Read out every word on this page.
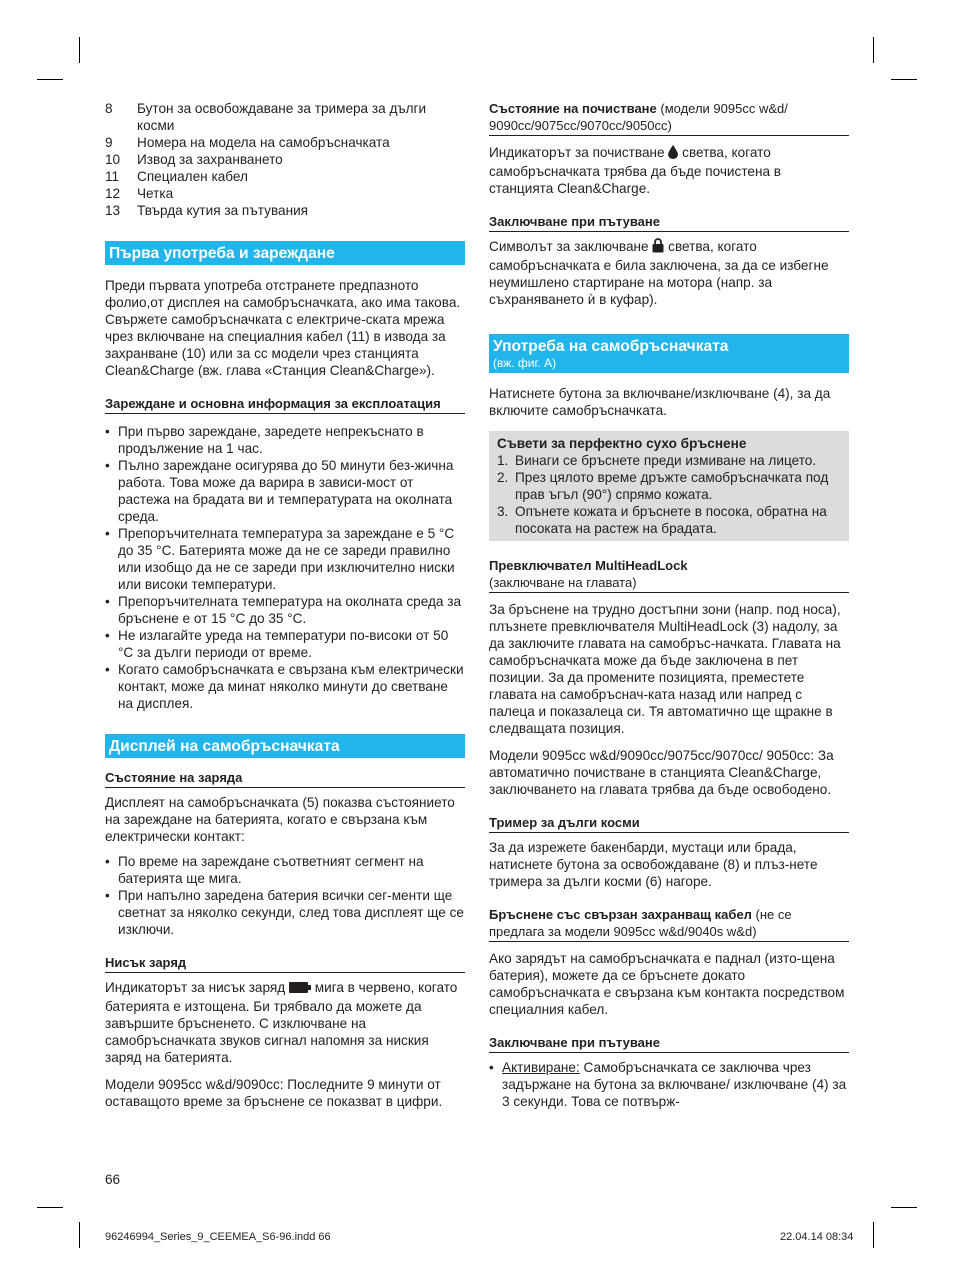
8	Бутон за освобождаване за тримера за дълги косми
9	Номера на модела на самобръсначката
10	Извод за захранването
11	Специален кабел
12	Четка
13	Твърда кутия за пътувания
Първа употреба и зареждане

Преди първата употреба отстранете предпазното фолио,от дисплея на самобръсначката, ако има такова. Свържете самобръсначката с електриче-ската мрежа чрез включване на специалния кабел (11) в извода за захранване (10) или за cc модели чрез станцията Clean&Charge (вж. глава «Станция Clean&Charge»).

Зареждане и основна информация за експлоатация
• При първо зареждане, заредете непрекъснато в продължение на 1 час.
• Пълно зареждане осигурява до 50 минути без-жична работа. Това може да варира в зависи-мост от растежа на брадата ви и температурата на околната среда.
• Препоръчителната температура за зареждане е 5 °C до 35 °C. Батерията може да не се зареди правилно или изобщо да не се зареди при изключително ниски или високи температури.
• Препоръчителната температура на околната среда за бръснене е от 15 °C до 35 °C.
• Не излагайте уреда на температури по-високи от 50 °C за дълги периоди от време.
• Когато самобръсначката е свързана към електрически контакт, може да минат няколко минути до светване на дисплея.
Дисплей на самобръсначката
Състояние на заряда

Дисплеят на самобръсначката (5) показва състоянието на зареждане на батерията, когато е свързана към електрически контакт:

• По време на зареждане съответният сегмент на батерията ще мига.
• При напълно заредена батерия всички сег-менти ще светнат за няколко секунди, след това дисплеят ще се изключи.
Нисък заряд

Индикаторът за нисък заряд мига в червено, когато батерията е изтощена. Би трябвало да можете да завършите бръсненето. С изключване на самобръсначката звуков сигнал напомня за ниския заряд на батерията.

Модели 9095cc w&d/9090cc: Последните 9 минути от оставащото време за бръснене се показват в цифри.

Състояние на почистване (модели 9095cc w&d/ 9090cc/9075cc/9070cc/9050cc)

Индикаторът за почистване светва, когато самобръсначката трябва да бъде почистена в станцията Clean&Charge.

Заключване при пътуване

Символът за заключване светва, когато самобръсначката е била заключена, за да се избегне неумишлено стартиране на мотора (напр. за съхраняването ѝ в куфар).

Употреба на самобръсначката
(вж. фиг. A)

Натиснете бутона за включване/изключване (4), за да включите самобръсначката.

Съвети за перфектно сухо бръснене
1. Винаги се бръснете преди измиване на лицето.
2. През цялото време дръжте самобръсначката под прав ъгъл (90°) спрямо кожата.
3. Опънете кожата и бръснете в посока, обратна на посоката на растеж на брадата.
Превключвател MultiHeadLock
(заключване на главата)

За бръснене на трудно достъпни зони (напр. под носа), плъзнете превключвателя MultiHeadLock (3) надолу, за да заключите главата на самобръс-начката. Главата на самобръсначката може да бъде заключена в пет позиции. За да промените позицията, преместете главата на самобръснач-ката назад или напред с палеца и показалеца си. Тя автоматично ще щракне в следващата позиция.

Модели 9095cc w&d/9090cc/9075cc/9070cc/ 9050cc: За автоматично почистване в станцията Clean&Charge, заключването на главата трябва да бъде освободено.

Тример за дълги косми

За да изрежете бакенбарди, мустаци или брада, натиснете бутона за освобождаване (8) и плъз-нете тримера за дълги косми (6) нагоре.

Бръснене със свързан захранващ кабел (не се предлага за модели 9095cc w&d/9040s w&d)

Ако зарядът на самобръсначката е паднал (изто-щена батерия), можете да се бръснете докато самобръсначката е свързана към контакта посредством специалния кабел.

Заключване при пътуване
• Активиране: Самобръсначката се заключва чрез задържане на бутона за включване/ изключване (4) за 3 секунди. Това се потвърж-
66
96246994_Series_9_CEEMEA_S6-96.indd 66	22.04.14 08:34
